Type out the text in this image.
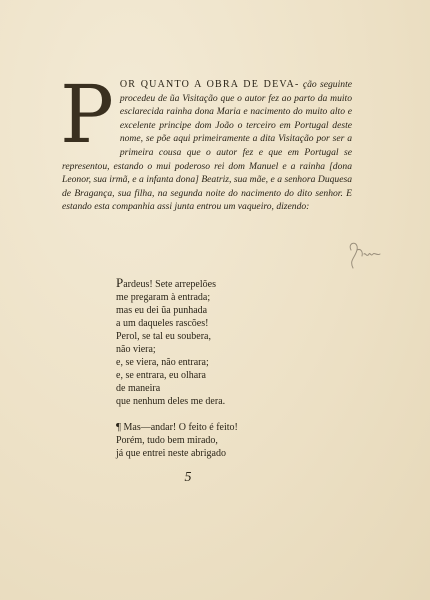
POR QUANTO A OBRA DE DEVA- ção seguinte procedeu de ũa Visitação que o autor fez ao parto da muito esclarecida rainha dona Maria e nacimento do muito alto e excelente principe dom João o terceiro em Portugal deste nome, se põe aqui primeiramente a dita Visitação por ser a primeira cousa que o autor fez e que em Portugal se representou, estando o mui poderoso rei dom Manuel e a rainha [dona Leonor, sua irmã, e a infanta dona] Beatriz, sua mãe, e a senhora Duquesa de Bragança, sua filha, na segunda noite do nacimento do dito senhor. E estando esta companhia assi junta entrou um vaqueiro, dizendo:
Pardeus! Sete arrepelões
me pregaram à entrada;
mas eu dei ũa punhada
a um daqueles rascões!
Perol, se tal eu soubera,
não viera;
e, se viera, não entrara;
e, se entrara, eu olhara
de maneira
que nenhum deles me dera.
¶ Mas—andar! O feito é feito!
Porém, tudo bem mirado,
já que entrei neste abrigado
5
